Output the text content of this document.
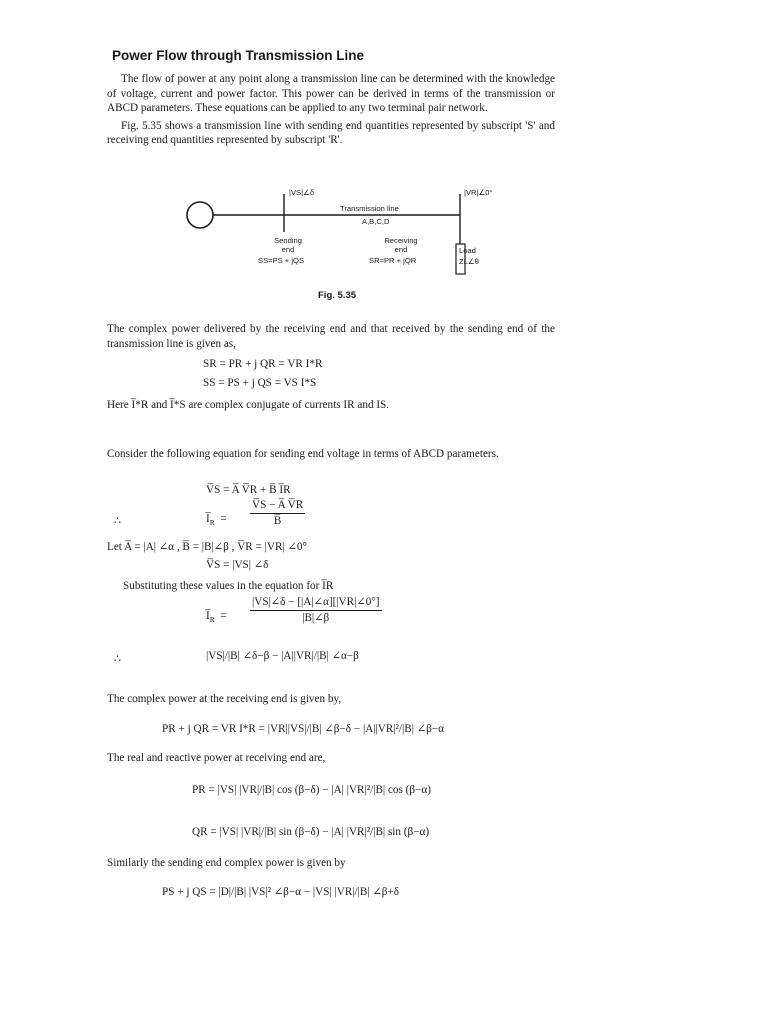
Power Flow through Transmission Line

The flow of power at any point along a transmission line can be determined with the knowledge of voltage, current and power factor. This power can be derived in terms of the transmission or ABCD parameters. These equations can be applied to any two terminal pair network.

Fig. 5.35 shows a transmission line with sending end quantities represented by subscript 'S' and receiving end quantities represented by subscript 'R'.

|VS|∠δ	|VR|∠0°
Transmission line
A,B,C,D
Sending
end
SS=PS + jQS
Receiving
end
SR=PR + jQR
Load
ZL∠θ
Fig. 5.35
The complex power delivered by the receiving end and that received by the sending end of the transmission line is given as,
SR = PR + j QR = VR I*R
SS = PS + j QS = VS I*S
Here I̅*R and I̅*S are complex conjugate of currents IR and IS.
Consider the following equation for sending end voltage in terms of ABCD parameters.
V̅S = A̅ V̅R + B̅ I̅R
∴	$I̅_R = \frac{V̅S - A̅ V̅R}{B̅}$
Let A̅ = |A| ∠α , B̅ = |B|∠β , V̅R = |VR| ∠0°
V̅S = |VS| ∠δ
Substituting these values in the equation for I̅R
$I̅_R = \frac{|VS|\angle\delta - [|A|\angle\alpha][|VR|\angle 0^\circ]}{|B|\angle\beta}$
∴	|VS|/|B| ∠δ−β − |A||VR|/|B| ∠α−β
The complex power at the receiving end is given by,
PR + j QR = VR I*R = |VR||VS|/|B| ∠β−δ − |A||VR|²/|B| ∠β−α
The real and reactive power at receiving end are,
PR = |VS| |VR|/|B| cos (β−δ) − |A| |VR|²/|B| cos (β−α)
QR = |VS| |VR|/|B| sin (β−δ) − |A| |VR|²/|B| sin (β−α)
Similarly the sending end complex power is given by
PS + j QS = |D|/|B| |VS|² ∠β−α − |VS| |VR|/|B| ∠β+δ
